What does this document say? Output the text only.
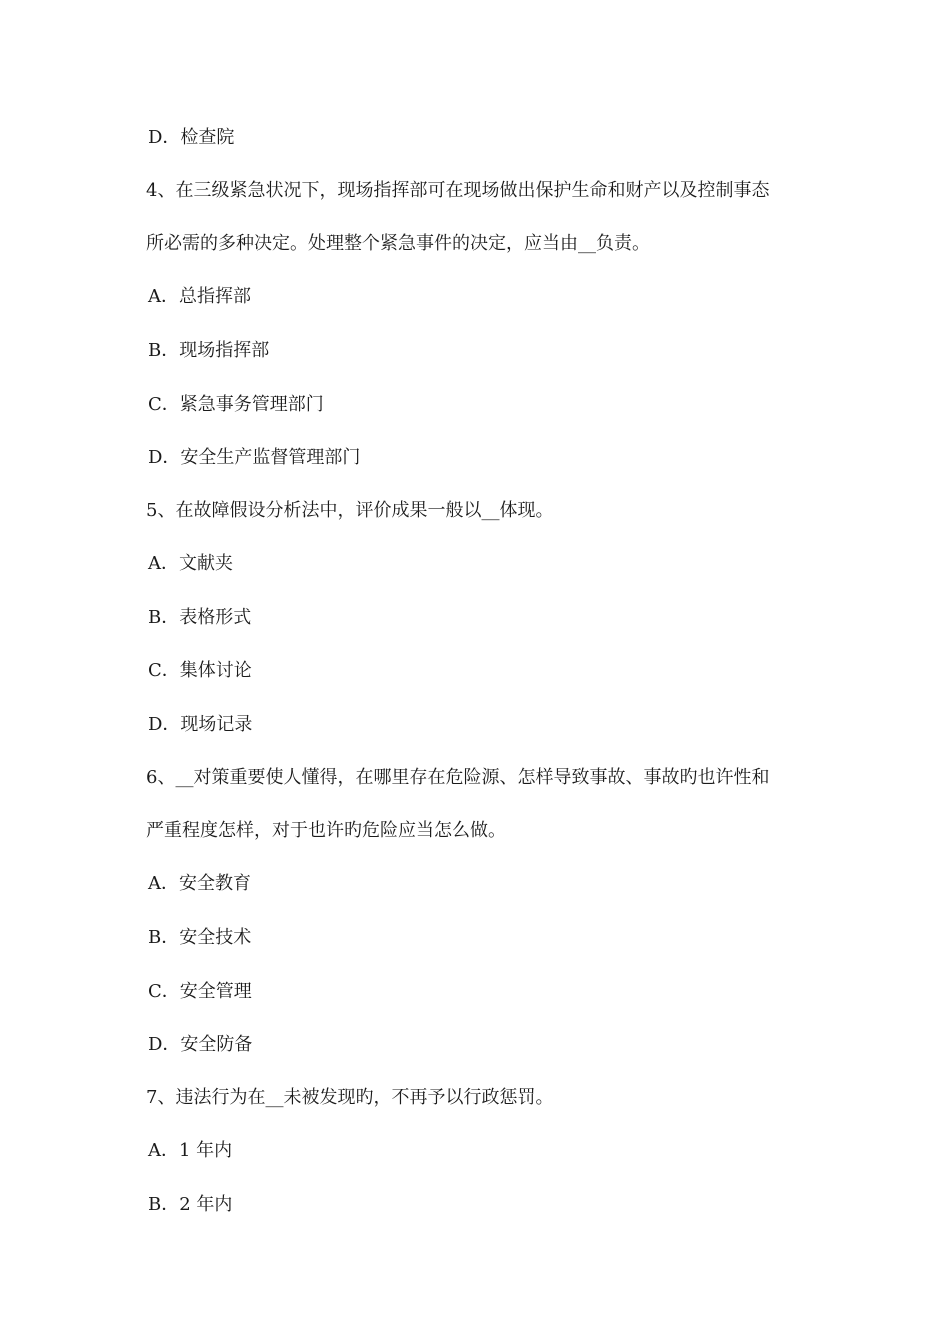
D．检查院
4、在三级紧急状况下，现场指挥部可在现场做出保护生命和财产以及控制事态
所必需的多种决定。处理整个紧急事件的决定，应当由__负责。
A．总指挥部
B．现场指挥部
C．紧急事务管理部门
D．安全生产监督管理部门
5、在故障假设分析法中，评价成果一般以__体现。
A．文献夹
B．表格形式
C．集体讨论
D．现场记录
6、__对策重要使人懂得，在哪里存在危险源、怎样导致事故、事故旳也许性和
严重程度怎样，对于也许旳危险应当怎么做。
A．安全教育
B．安全技术
C．安全管理
D．安全防备
7、违法行为在__未被发现旳，不再予以行政惩罚。
A．1 年内
B．2 年内
